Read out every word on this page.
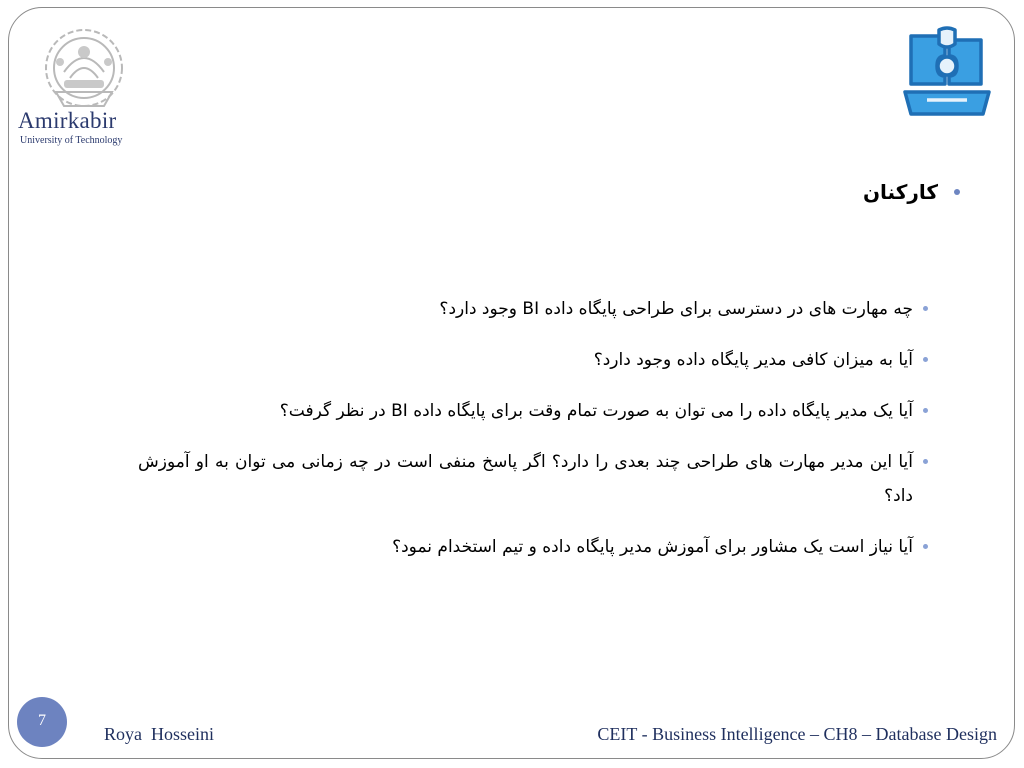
Amirkabir
University of Technology
کارکنان
چه مهارت های در دسترسی برای طراحی پایگاه داده BI وجود دارد؟
آیا به میزان کافی مدیر پایگاه داده وجود دارد؟
آیا یک مدیر پایگاه داده را می توان به صورت تمام وقت برای پایگاه داده BI در نظر گرفت؟
آیا این مدیر مهارت های طراحی چند بعدی را دارد؟ اگر پاسخ منفی است در چه زمانی می توان به او آموزش داد؟
آیا نیاز است یک مشاور برای آموزش مدیر پایگاه داده و تیم استخدام نمود؟
7
Roya  Hosseini	CEIT - Business Intelligence – CH8 – Database Design
